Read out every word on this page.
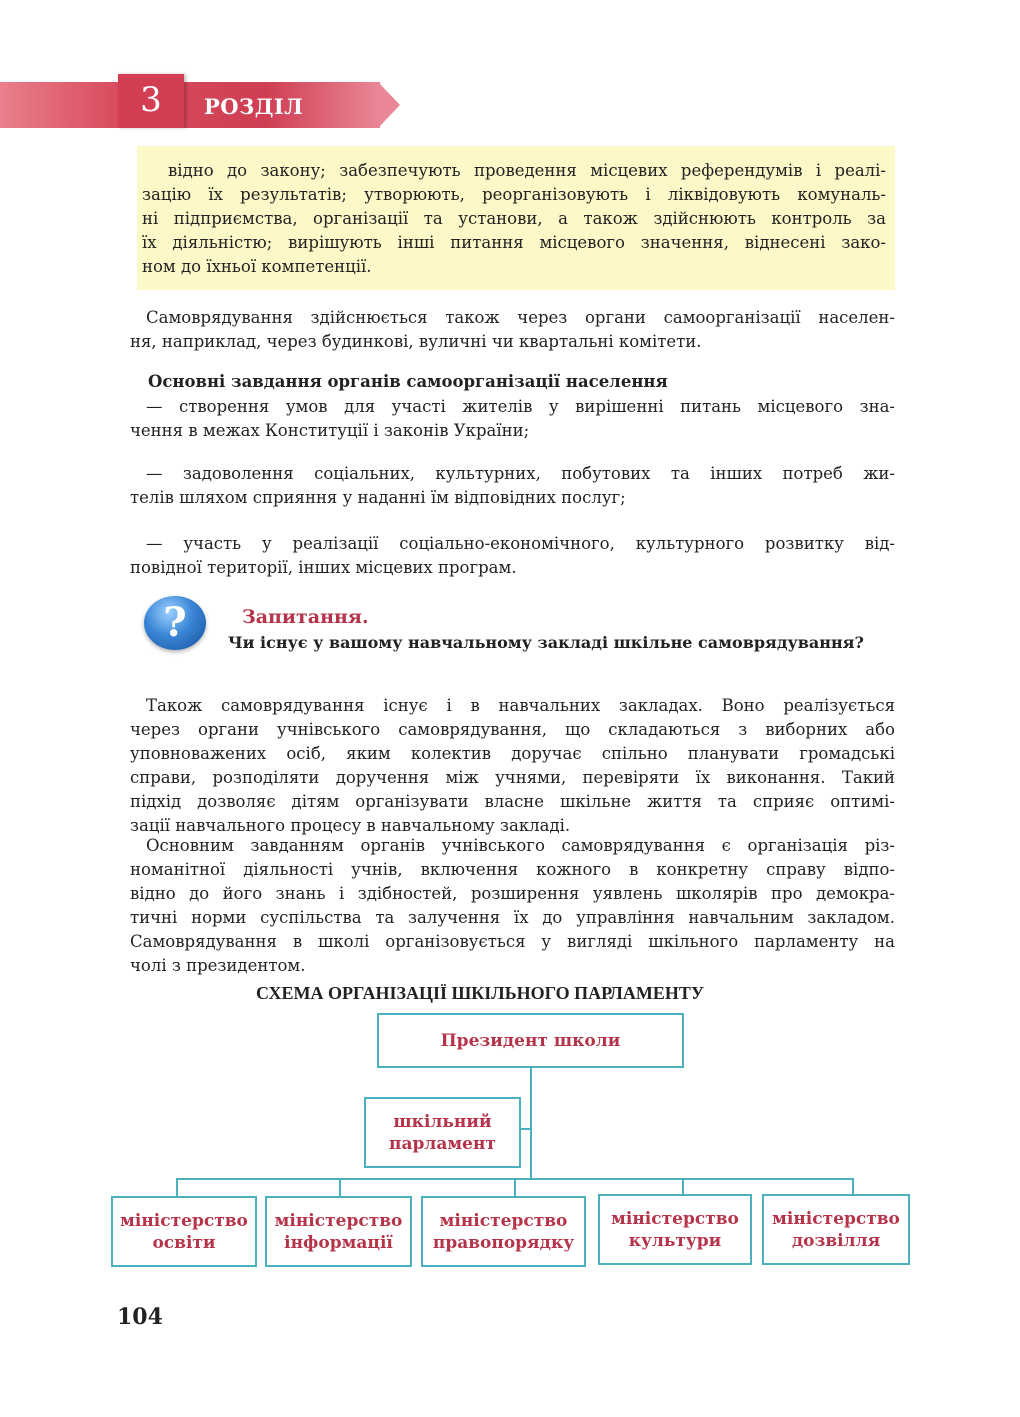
3	РОЗДІЛ
відно до закону; забезпечують проведення місцевих референдумів і реалі-
зацію їх результатів; утворюють, реорганізовують і ліквідовують комуналь-
ні підприємства, організації та установи, а також здійснюють контроль за
їх діяльністю; вирішують інші питання місцевого значення, віднесені зако-
ном до їхньої компетенції.
Самоврядування здійснюється також через органи самоорганізації населен-
ня, наприклад, через будинкові, вуличні чи квартальні комітети.
Основні завдання органів самоорганізації населення
— створення умов для участі жителів у вирішенні питань місцевого зна-
чення в межах Конституції і законів України;
— задоволення соціальних, культурних, побутових та інших потреб жи-
телів шляхом сприяння у наданні їм відповідних послуг;
— участь у реалізації соціально-економічного, культурного розвитку від-
повідної території, інших місцевих програм.
?	Запитання.
Чи існує у вашому навчальному закладі шкільне самоврядування?
Також самоврядування існує і в навчальних закладах. Воно реалізується
через органи учнівського самоврядування, що складаються з виборних або
уповноважених осіб, яким колектив доручає спільно планувати громадські
справи, розподіляти доручення між учнями, перевіряти їх виконання. Такий
підхід дозволяє дітям організувати власне шкільне життя та сприяє оптимі-
зації навчального процесу в навчальному закладі.
Основним завданням органів учнівського самоврядування є організація різ-
номанітної діяльності учнів, включення кожного в конкретну справу відпо-
відно до його знань і здібностей, розширення уявлень школярів про демокра-
тичні норми суспільства та залучення їх до управління навчальним закладом.
Самоврядування в школі організовується у вигляді шкільного парламенту на
чолі з президентом.
СХЕМА ОРГАНІЗАЦІЇ ШКІЛЬНОГО ПАРЛАМЕНТУ
Президент школи
шкільний
парламент
міністерство
освіти
міністерство
інформації
міністерство
правопорядку
міністерство
культури
міністерство
дозвілля
104
